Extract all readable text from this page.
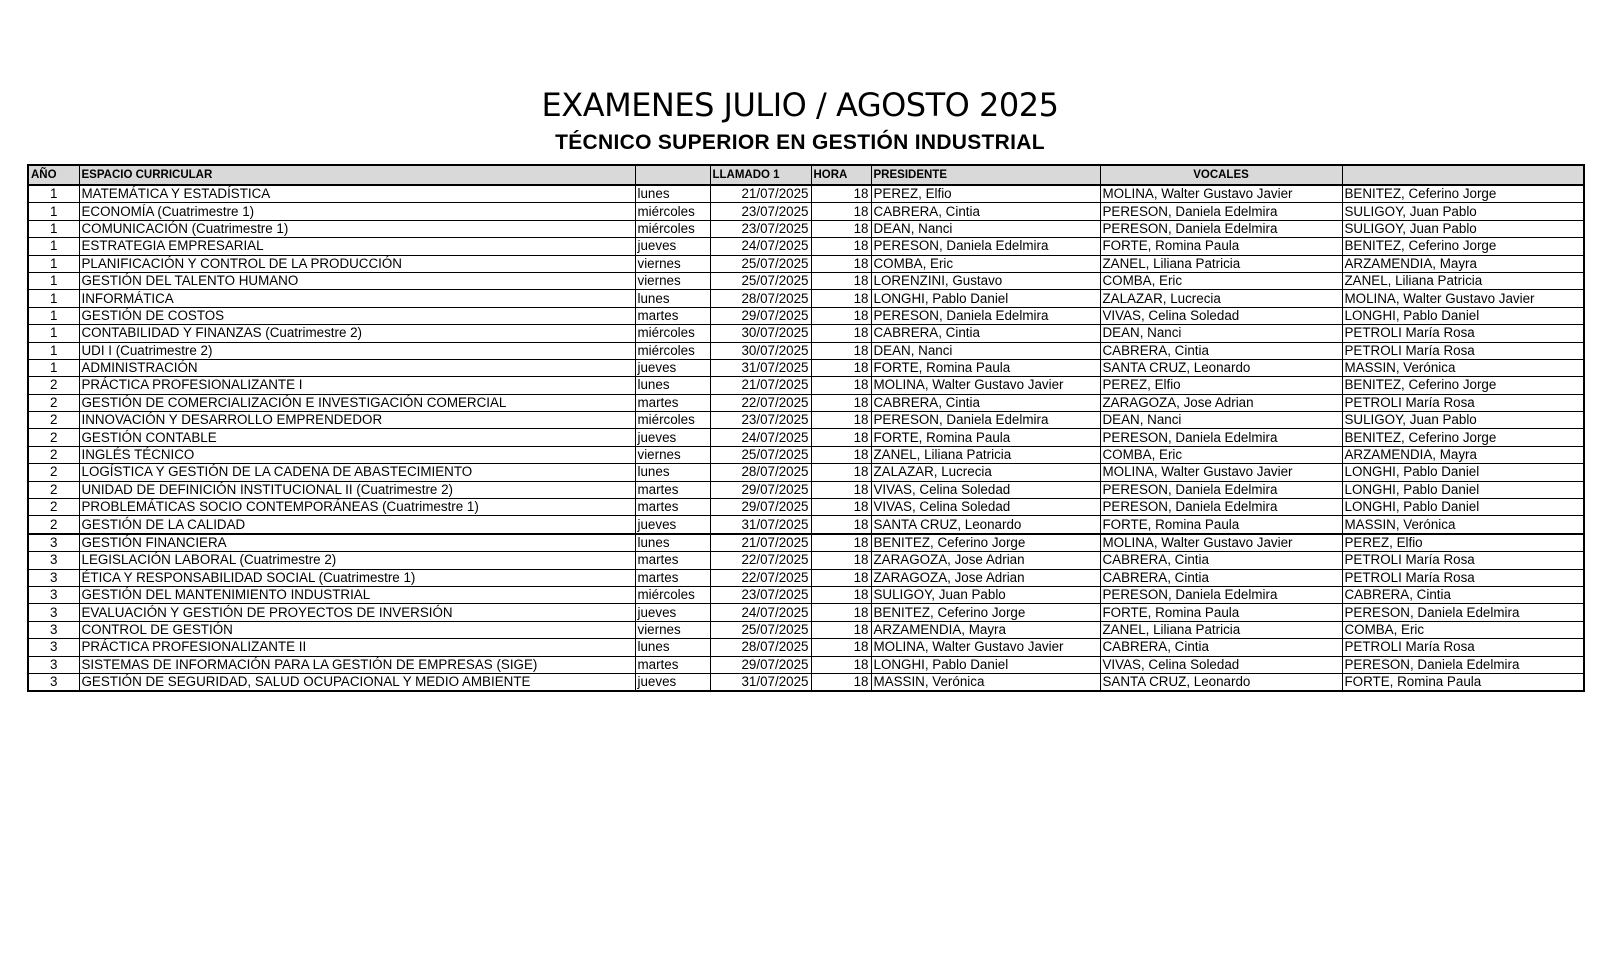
EXAMENES JULIO / AGOSTO 2025
TÉCNICO SUPERIOR EN GESTIÓN INDUSTRIAL
AÑO	ESPACIO CURRICULAR		LLAMADO 1	HORA	PRESIDENTE	VOCALES	
1	MATEMÁTICA Y ESTADÍSTICA	lunes	21/07/2025	18	PEREZ, Elfio	MOLINA, Walter Gustavo Javier	BENITEZ, Ceferino Jorge
1	ECONOMÍA (Cuatrimestre 1)	miércoles	23/07/2025	18	CABRERA, Cintia	PERESON, Daniela Edelmira	SULIGOY, Juan Pablo
1	COMUNICACIÓN (Cuatrimestre 1)	miércoles	23/07/2025	18	DEAN, Nanci	PERESON, Daniela Edelmira	SULIGOY, Juan Pablo
1	ESTRATEGIA EMPRESARIAL	jueves	24/07/2025	18	PERESON, Daniela Edelmira	FORTE, Romina Paula	BENITEZ, Ceferino Jorge
1	PLANIFICACIÓN Y CONTROL DE LA PRODUCCIÓN	viernes	25/07/2025	18	COMBA, Eric	ZANEL, Liliana Patricia	ARZAMENDIA, Mayra
1	GESTIÓN DEL TALENTO HUMANO	viernes	25/07/2025	18	LORENZINI, Gustavo	COMBA, Eric	ZANEL, Liliana Patricia
1	INFORMÁTICA	lunes	28/07/2025	18	LONGHI, Pablo Daniel	ZALAZAR, Lucrecia	MOLINA, Walter Gustavo Javier
1	GESTIÓN DE COSTOS	martes	29/07/2025	18	PERESON, Daniela Edelmira	VIVAS, Celina Soledad	LONGHI, Pablo Daniel
1	CONTABILIDAD Y FINANZAS (Cuatrimestre 2)	miércoles	30/07/2025	18	CABRERA, Cintia	DEAN, Nanci	PETROLI María Rosa
1	UDI I (Cuatrimestre 2)	miércoles	30/07/2025	18	DEAN, Nanci	CABRERA, Cintia	PETROLI María Rosa
1	ADMINISTRACIÓN	jueves	31/07/2025	18	FORTE, Romina Paula	SANTA CRUZ, Leonardo	MASSIN, Verónica
2	PRÁCTICA PROFESIONALIZANTE I	lunes	21/07/2025	18	MOLINA, Walter Gustavo Javier	PEREZ, Elfio	BENITEZ, Ceferino Jorge
2	GESTIÓN DE COMERCIALIZACIÓN E INVESTIGACIÓN COMERCIAL	martes	22/07/2025	18	CABRERA, Cintia	ZARAGOZA, Jose Adrian	PETROLI María Rosa
2	INNOVACIÓN Y DESARROLLO EMPRENDEDOR	miércoles	23/07/2025	18	PERESON, Daniela Edelmira	DEAN, Nanci	SULIGOY, Juan Pablo
2	GESTIÓN CONTABLE	jueves	24/07/2025	18	FORTE, Romina Paula	PERESON, Daniela Edelmira	BENITEZ, Ceferino Jorge
2	INGLÉS TÉCNICO	viernes	25/07/2025	18	ZANEL, Liliana Patricia	COMBA, Eric	ARZAMENDIA, Mayra
2	LOGÍSTICA Y GESTIÓN DE LA CADENA DE ABASTECIMIENTO	lunes	28/07/2025	18	ZALAZAR, Lucrecia	MOLINA, Walter Gustavo Javier	LONGHI, Pablo Daniel
2	UNIDAD DE DEFINICIÓN INSTITUCIONAL II (Cuatrimestre 2)	martes	29/07/2025	18	VIVAS, Celina Soledad	PERESON, Daniela Edelmira	LONGHI, Pablo Daniel
2	PROBLEMÁTICAS SOCIO CONTEMPORÁNEAS (Cuatrimestre 1)	martes	29/07/2025	18	VIVAS, Celina Soledad	PERESON, Daniela Edelmira	LONGHI, Pablo Daniel
2	GESTIÓN DE LA CALIDAD	jueves	31/07/2025	18	SANTA CRUZ, Leonardo	FORTE, Romina Paula	MASSIN, Verónica
3	GESTIÓN FINANCIERA	lunes	21/07/2025	18	BENITEZ, Ceferino Jorge	MOLINA, Walter Gustavo Javier	PEREZ, Elfio
3	LEGISLACIÓN LABORAL (Cuatrimestre 2)	martes	22/07/2025	18	ZARAGOZA, Jose Adrian	CABRERA, Cintia	PETROLI María Rosa
3	ÉTICA Y RESPONSABILIDAD SOCIAL (Cuatrimestre 1)	martes	22/07/2025	18	ZARAGOZA, Jose Adrian	CABRERA, Cintia	PETROLI María Rosa
3	GESTIÓN DEL MANTENIMIENTO INDUSTRIAL	miércoles	23/07/2025	18	SULIGOY, Juan Pablo	PERESON, Daniela Edelmira	CABRERA, Cintia
3	EVALUACIÓN Y GESTIÓN DE PROYECTOS DE INVERSIÓN	jueves	24/07/2025	18	BENITEZ, Ceferino Jorge	FORTE, Romina Paula	PERESON, Daniela Edelmira
3	CONTROL DE GESTIÓN	viernes	25/07/2025	18	ARZAMENDIA, Mayra	ZANEL, Liliana Patricia	COMBA, Eric
3	PRÁCTICA PROFESIONALIZANTE II	lunes	28/07/2025	18	MOLINA, Walter Gustavo Javier	CABRERA, Cintia	PETROLI María Rosa
3	SISTEMAS DE INFORMACIÓN PARA LA GESTIÓN DE EMPRESAS (SIGE)	martes	29/07/2025	18	LONGHI, Pablo Daniel	VIVAS, Celina Soledad	PERESON, Daniela Edelmira
3	GESTIÓN DE SEGURIDAD, SALUD OCUPACIONAL Y MEDIO AMBIENTE	jueves	31/07/2025	18	MASSIN, Verónica	SANTA CRUZ, Leonardo	FORTE, Romina Paula
